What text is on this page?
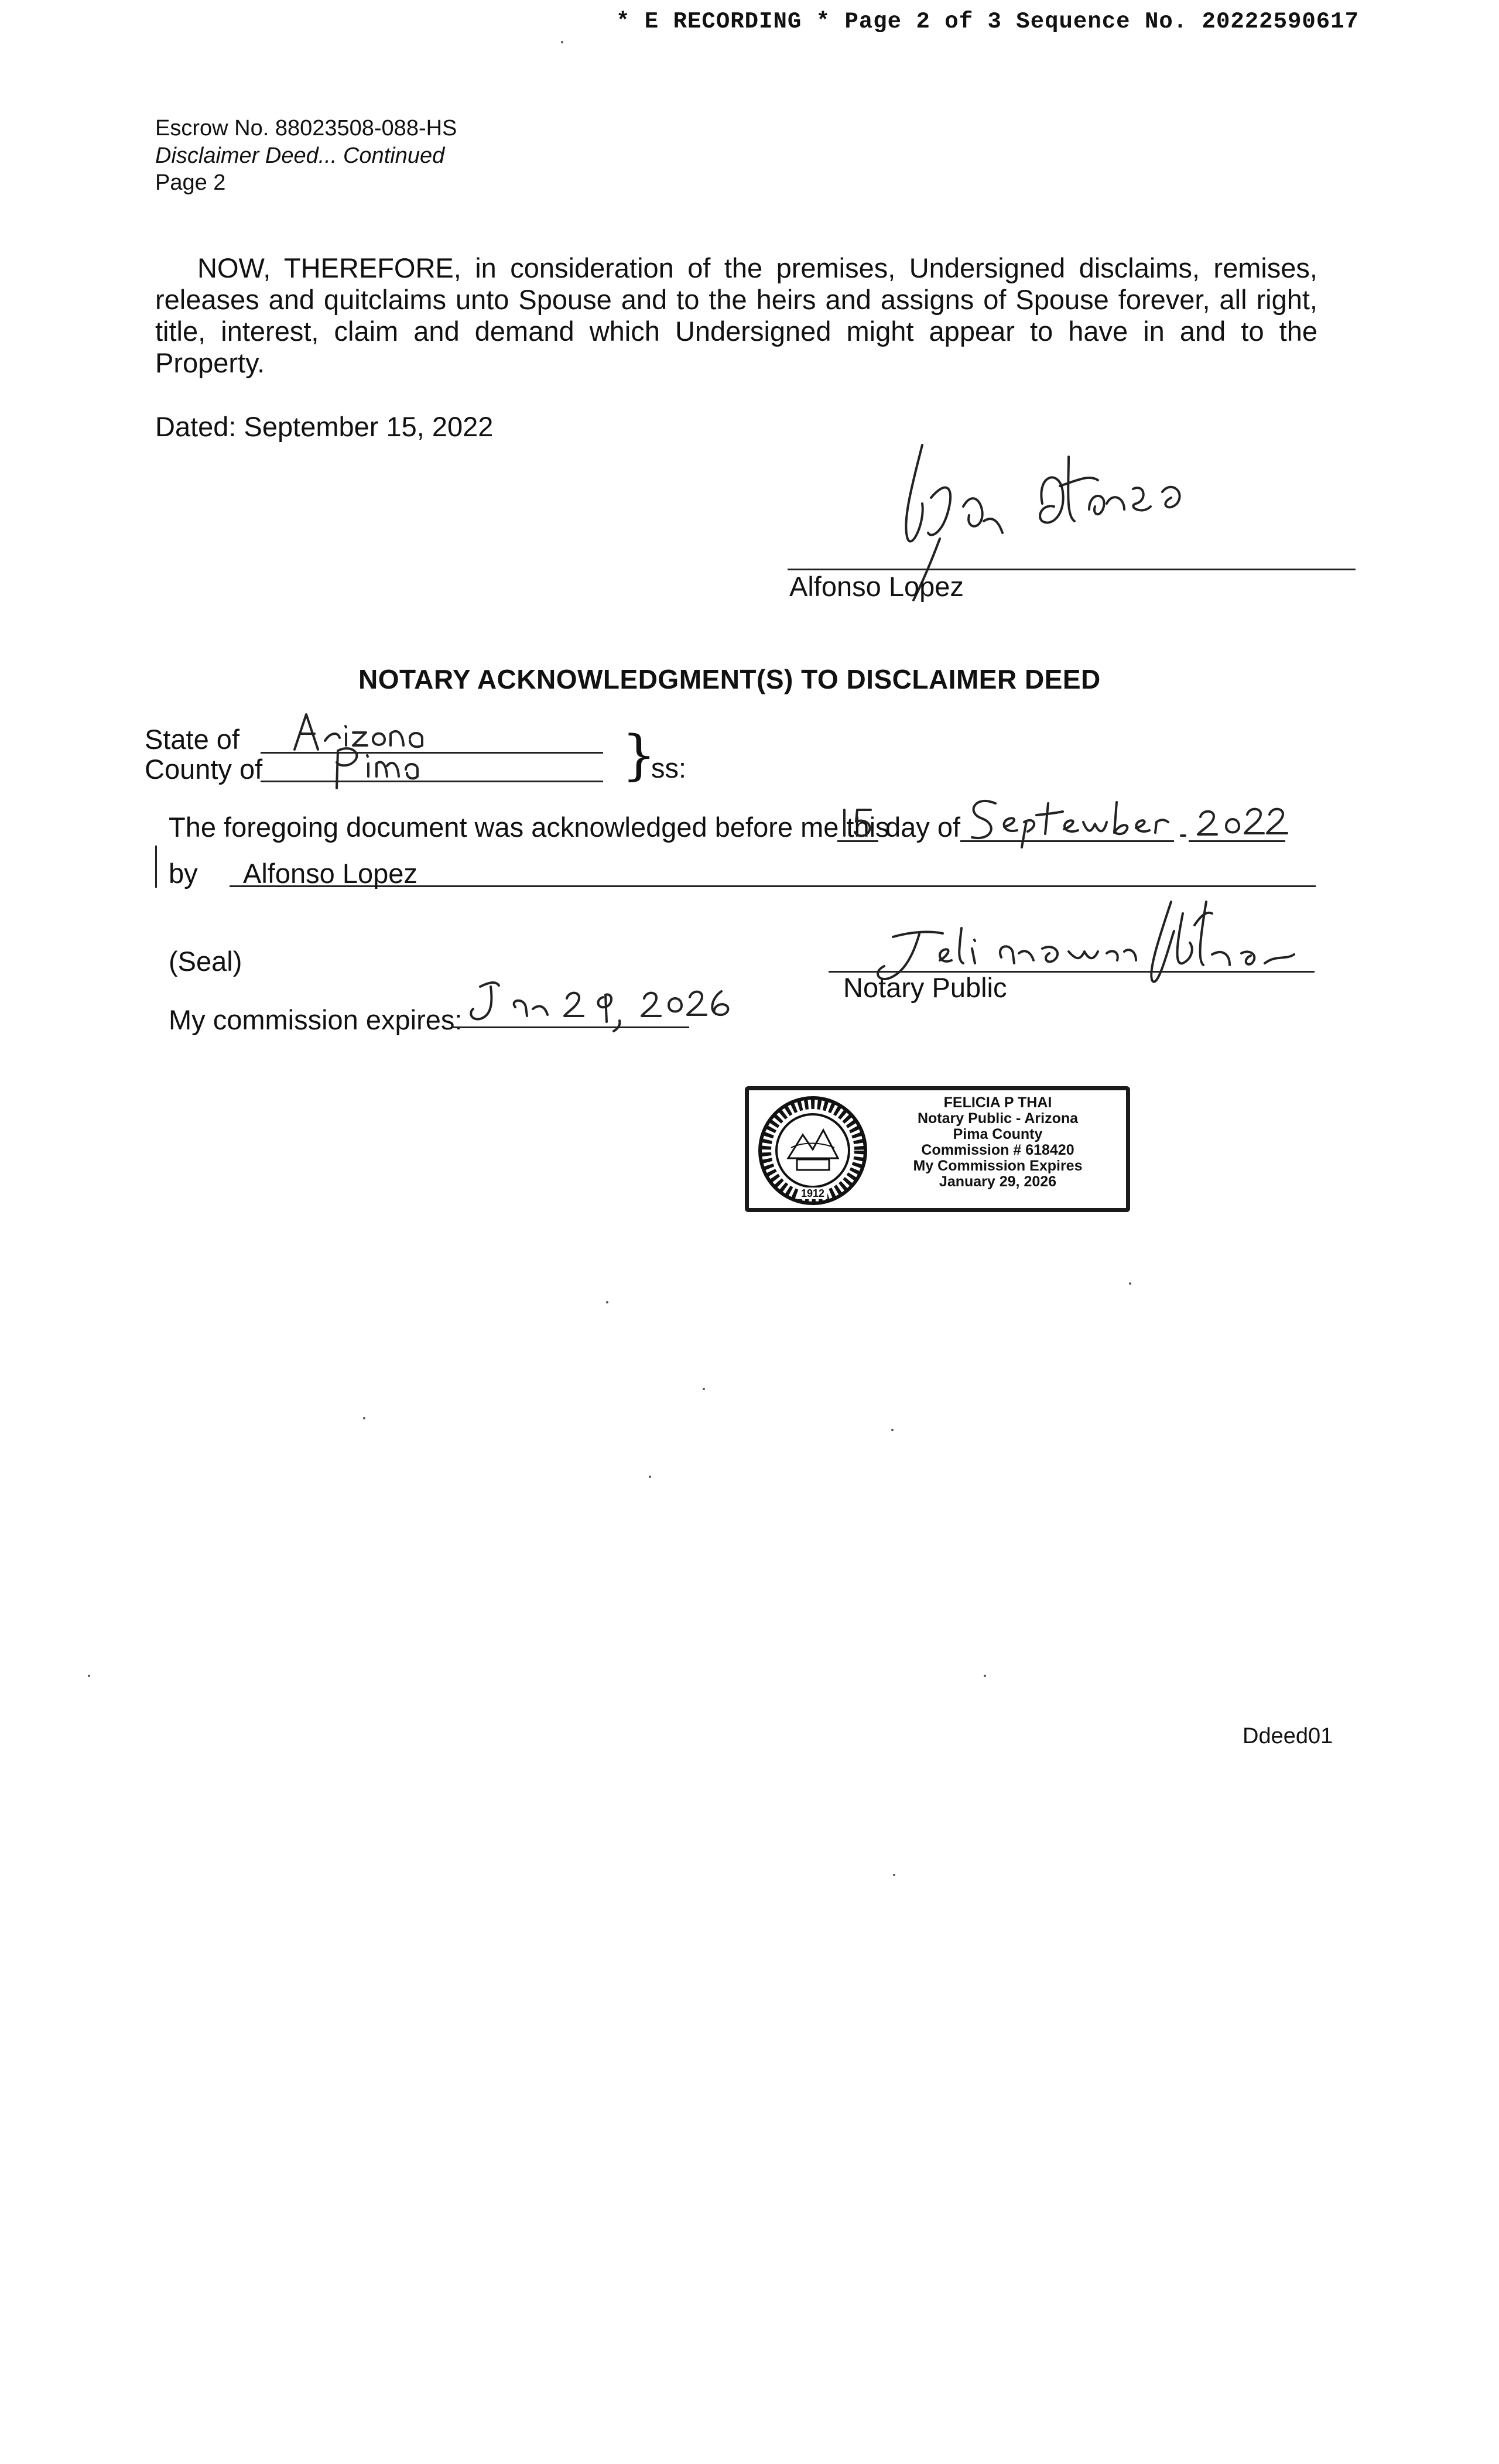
* E RECORDING * Page 2 of 3 Sequence No. 20222590617
Escrow No. 88023508-088-HS
Disclaimer Deed... Continued
Page 2
NOW, THEREFORE, in consideration of the premises, Undersigned disclaims, remises, releases and quitclaims unto Spouse and to the heirs and assigns of Spouse forever, all right, title, interest, claim and demand which Undersigned might appear to have in and to the Property.
Dated: September 15, 2022
Alfonso Lopez
NOTARY ACKNOWLEDGMENT(S) TO DISCLAIMER DEED
State of
County of	}
ss:
The foregoing document was acknowledged before me this
day of
by Alfonso Lopez
(Seal)
Notary Public
My commission expires:
1912
FELICIA P THAI
Notary Public - Arizona
Pima County
Commission # 618420
My Commission Expires
January 29, 2026
Ddeed01
